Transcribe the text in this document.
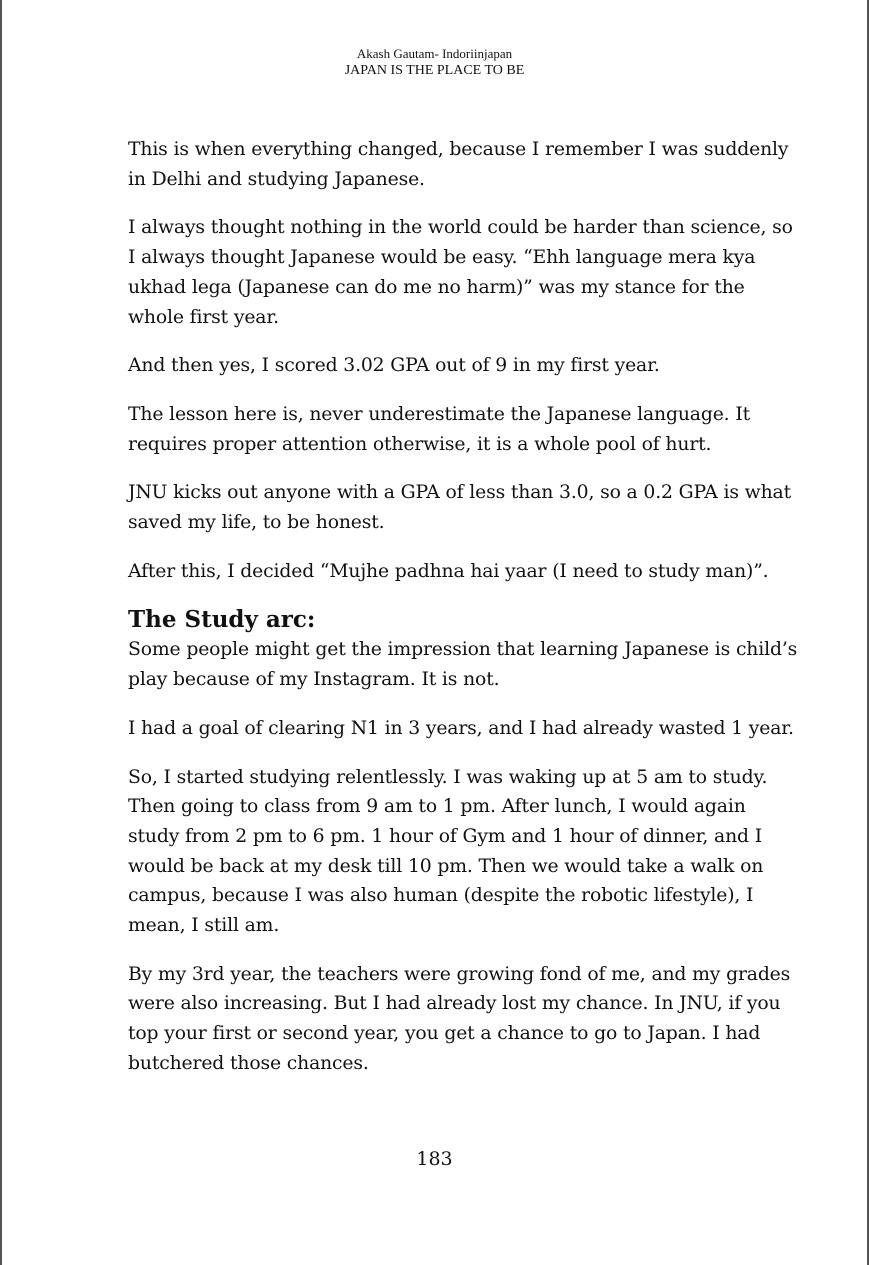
Akash Gautam- Indoriinjapan
JAPAN IS THE PLACE TO BE

This is when everything changed, because I remember I was suddenly in Delhi and studying Japanese.

I always thought nothing in the world could be harder than science, so I always thought Japanese would be easy. “Ehh language mera kya ukhad lega (Japanese can do me no harm)” was my stance for the whole first year.

And then yes, I scored 3.02 GPA out of 9 in my first year.

The lesson here is, never underestimate the Japanese language. It requires proper attention otherwise, it is a whole pool of hurt.

JNU kicks out anyone with a GPA of less than 3.0, so a 0.2 GPA is what saved my life, to be honest.

After this, I decided “Mujhe padhna hai yaar (I need to study man)”.

The Study arc:

Some people might get the impression that learning Japanese is child’s play because of my Instagram. It is not.

I had a goal of clearing N1 in 3 years, and I had already wasted 1 year.

So, I started studying relentlessly. I was waking up at 5 am to study. Then going to class from 9 am to 1 pm. After lunch, I would again study from 2 pm to 6 pm. 1 hour of Gym and 1 hour of dinner, and I would be back at my desk till 10 pm. Then we would take a walk on campus, because I was also human (despite the robotic lifestyle), I mean, I still am.

By my 3rd year, the teachers were growing fond of me, and my grades were also increasing. But I had already lost my chance. In JNU, if you top your first or second year, you get a chance to go to Japan. I had butchered those chances.

183
